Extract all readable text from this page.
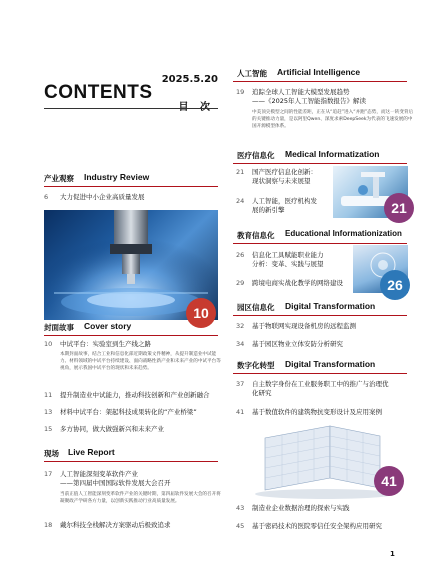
2025.5.20
CONTENTS
产业观察 Industry Review
6	大力促进中小企业高质量发展
10
封面故事 Cover story
10	中试平台：实验室到生产线之路
本期封面故事，结合工业和信息化部近期政策文件精神，从提升制造业中试能力、材料领域的中试平台持续建设、面向战略性新产业和未来产业的中试平台等视角，展示我国中试平台的现状和未来趋势。
11	提升制造业中试能力，推动科技创新和产业创新融合
13	材料中试平台：架起科技成果转化的“产业桥梁”
15	多方协同，做大做强新兴和未来产业
现场 Live Report
17	人工智能深刻变革软件产业
——第四届中国国际软件发展大会召开
当前正值人工智能深刻变革软件产业的关键时期，第四届软件发展大会的召开将凝聚政产学研各方力量，以创新实践推动行业高质量发展。
18	戴尔科技全栈解决方案驱动后极致追求
人工智能 Artificial Intelligence
19	追踪全球人工智能大模型发展趋势
——《2025年人工智能指数报告》解读
中美顶尖模型之间的性能差距，正在从“追赶”进入“并跑”态势，而这一转变背后的关键推动力量，是以阿里Qwen、深度求索DeepSeek为代表的飞速发展的中国开源模型体系。
医疗信息化 Medical Informatization
21	国产医疗信息化创新：
现状洞察与未来展望
24	人工智能，医疗机构发
展的新引擎	21
教育信息化 Educational Informationization
26	信息化工具赋能职业能力
分析：变革、实践与展望
29	跨境电商实战化教学的网络建设	26
园区信息化 Digital Transformation
32	基于物联网实现设备机房的远程监测
34	基于园区物业立体安防分析研究
数字化转型 Digital Transformation
37	自主数字身份在工业服务职工中的推广与治理优
化研究
41	基于数值软件的建筑物抗变形设计及应用案例
41
43	制造业企业数据治理的探索与实践
45	基于密码技术的医院零信任安全架构应用研究
1
